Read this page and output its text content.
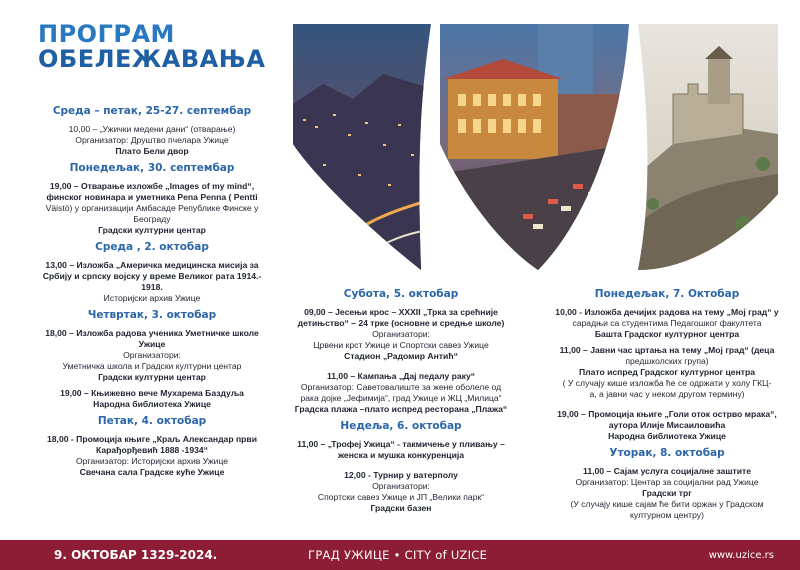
ПРОГРАМ
ОБЕЛЕЖАВАЊА
Среда – петак, 25-27. септембар
10,00 – „Ужички медени дани“ (отварање)
Организатор: Друштво пчелара Ужице
Плато Бели двор
Понедељак, 30. септембар
19,00 – Отварање изложбе „Images of my mind“,
финског новинара и уметника Pena Penna ( Pentti
Väistö) у организацији Амбасаде Републике Финске у
Београду
Градски културни центар
Среда , 2. октобар
13,00 – Изложба „Америчка медицинска мисија за
Србију и српску војску у време Великог рата 1914.-
1918.
Историјски архив Ужице
Четвртак, 3. октобар
18,00 – Изложба радова ученика Уметничке школе
Ужице
Организатори:
Уметничка школа и Градски културни центар
Градски културни центар
19,00 – Књижевно вече Мухарема Баздуља
Народна библиотека Ужице
Петак, 4. октобар
18,00 - Промоција књиге „Краљ Александар први
Карађорђевић 1888 -1934“
Организатор: Историјски архив Ужице
Свечана сала Градске куће Ужице
Субота, 5. октобар
09,00 – Јесењи крос – XXXII „Трка за срећније
детињство“ – 24 трке (основне и средње школе)
Организатори:
Црвени крст Ужице и Спортски савез Ужице
Стадион „Радомир Антић“
11,00 – Кампања „Дај педалу раку“
Организатор: Саветовалиште за жене оболеле од
рака дојке „Јефимија“, град Ужице и ЖЦ „Милица“
Градска плажа –плато испред ресторана „Плажа“
Недеља, 6. октобар
11,00 – „Трофеј Ужица“ - такмичење у пливању –
женска и мушка конкуренција
12,00 - Турнир у ватерполу
Организатори:
Спортски савез Ужице и ЈП „Велики парк“
Градски базен
Понедељак, 7. Октобар
10,00 - Изложба дечијих радова на тему „Мој град“ у
сарадњи са студентима Педагошког факултета
Башта Градског културног центра
11,00 – Јавни час цртања на тему „Мој град“ (деца
предшколских група)
Плато испред Градског културног центра
( У случају кише изложба ће се одржати у холу ГКЦ-
а, а јавни час у неком другом термину)
19,00 – Промоција књиге „Голи оток острво мрака“,
аутора Илије Мисаиловића
Народна библиотека Ужице
Уторак, 8. октобар
11,00 – Сајам услуга социјалне заштите
Организатор: Центар за социјални рад Ужице
Градски трг
(У случају кише сајам ће бити оржан у Градском
културном центру)
9. ОКТОБАР 1329-2024.	ГРАД УЖИЦЕ • CITY of UZICE	www.uzice.rs
